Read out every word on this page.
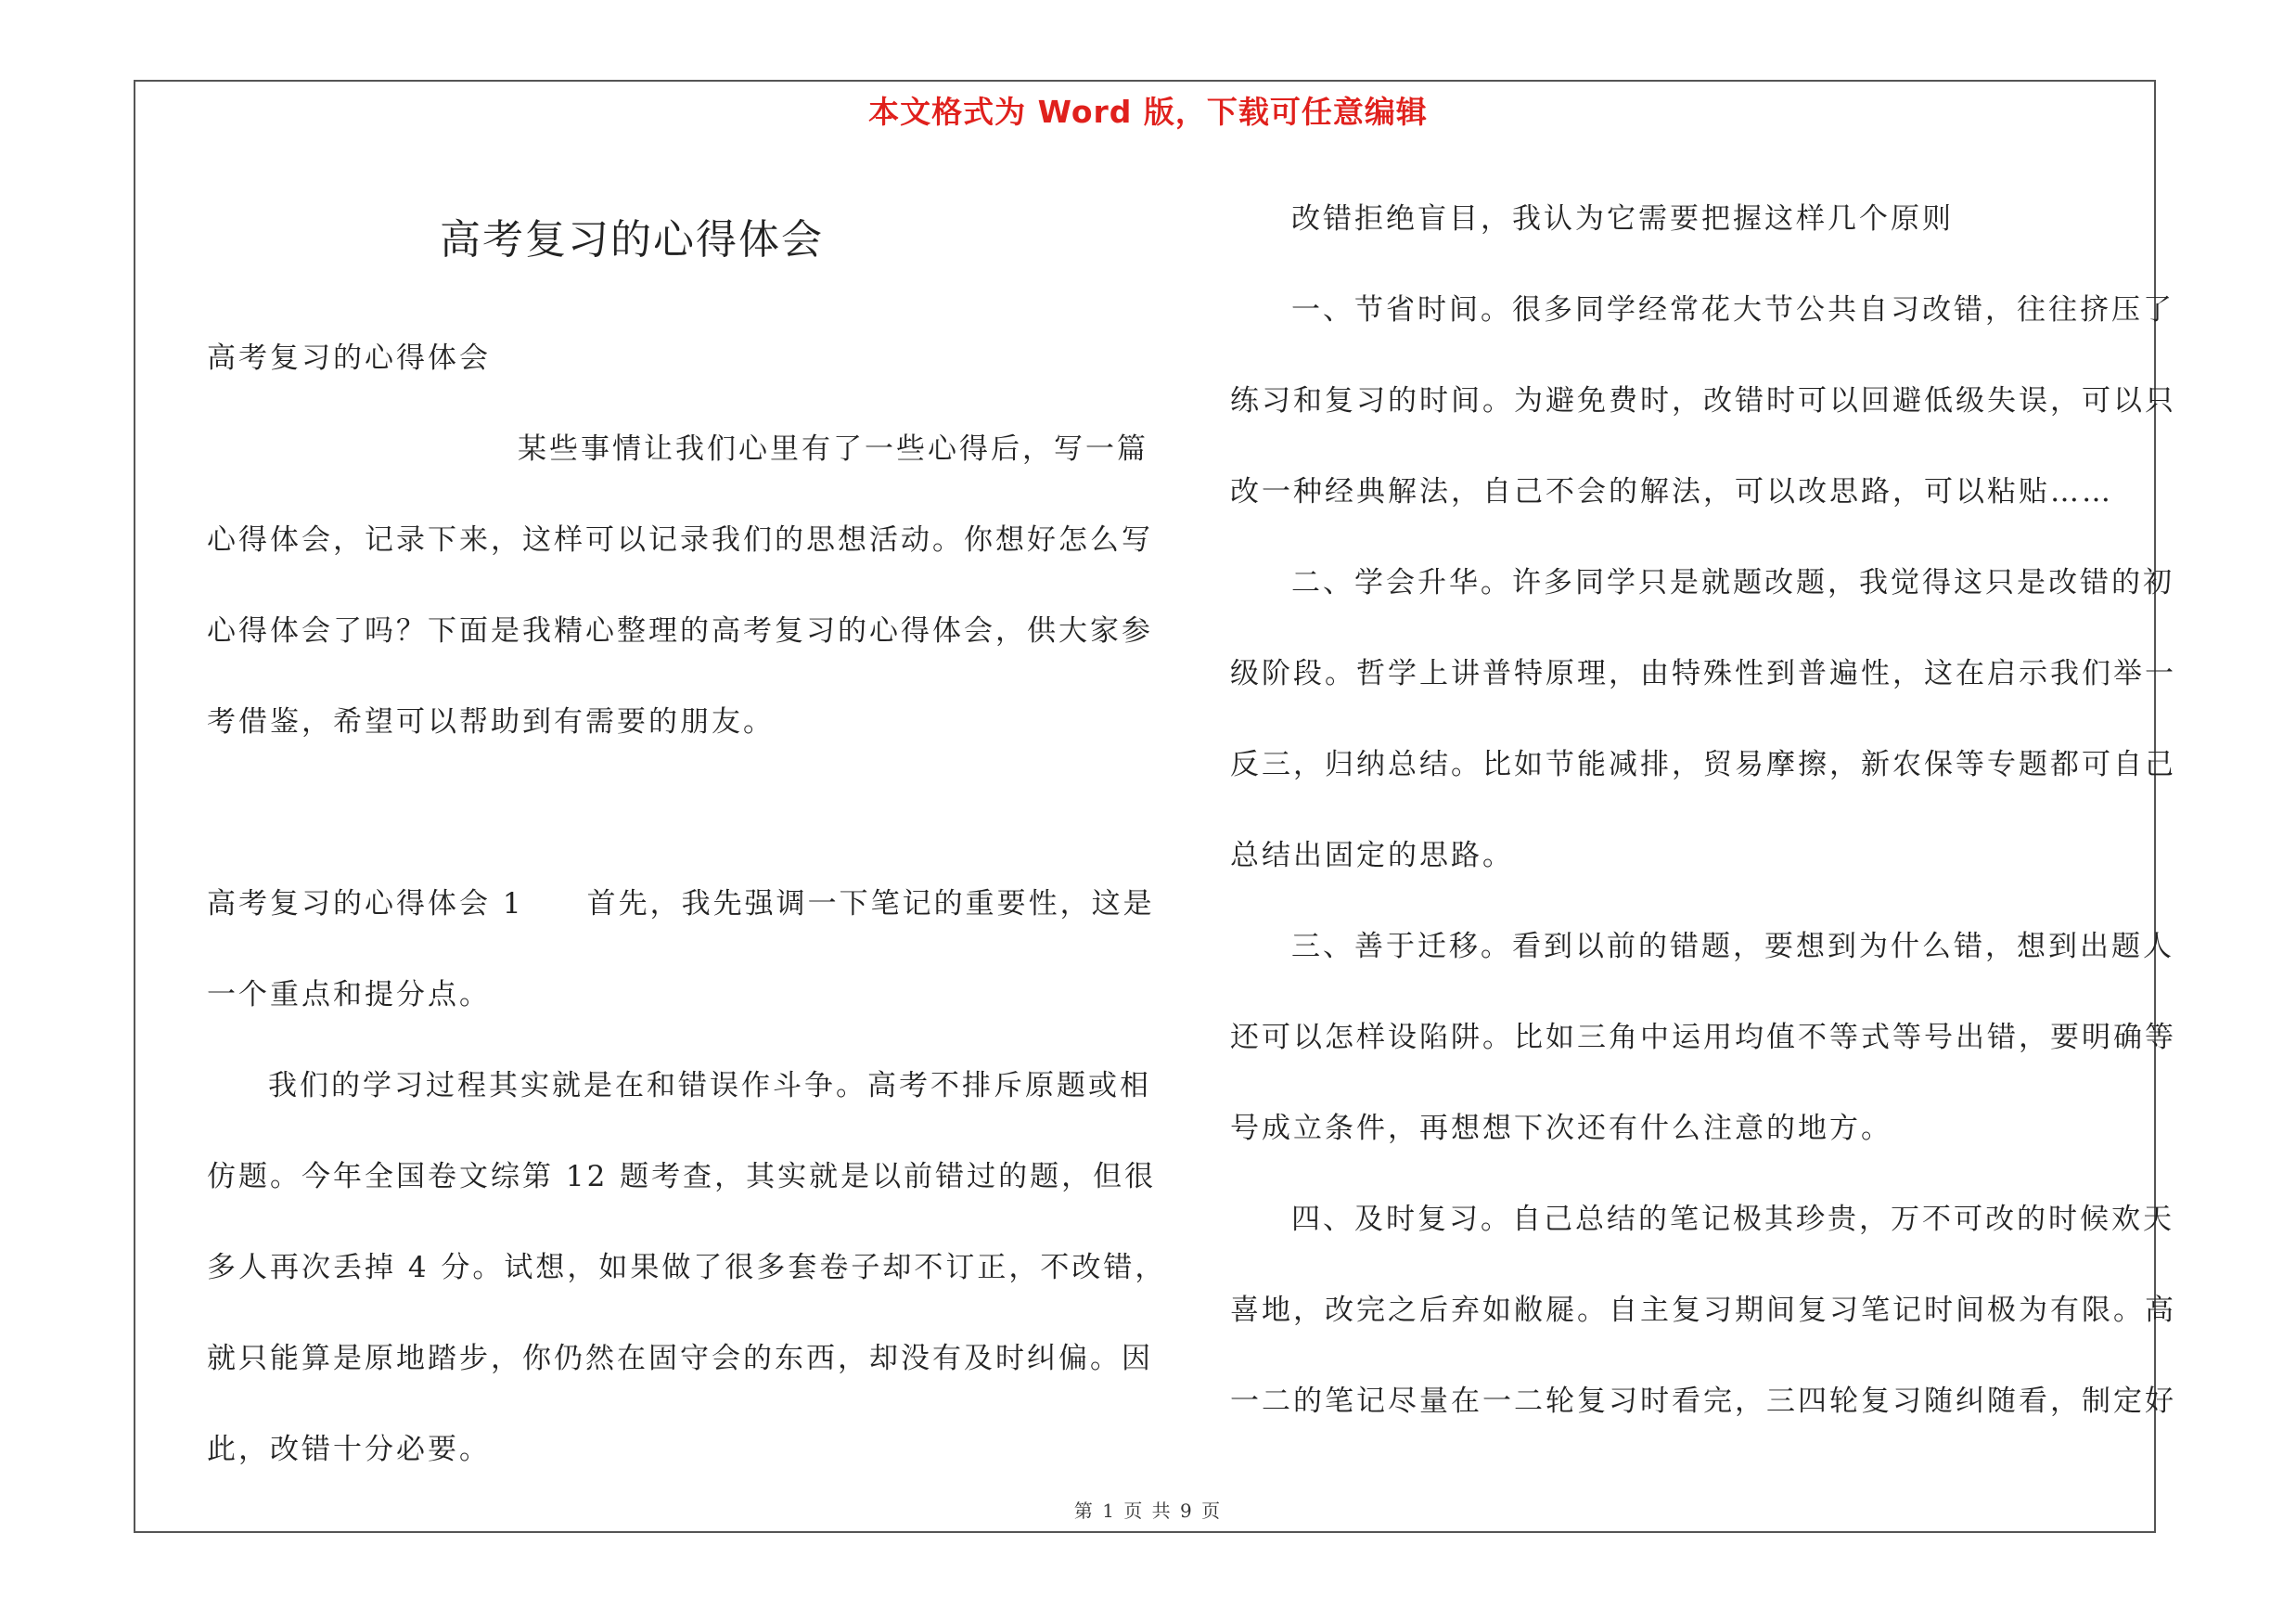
本文格式为 Word 版，下载可任意编辑
高考复习的心得体会
高考复习的心得体会
某些事情让我们心里有了一些心得后，写一篇
心得体会，记录下来，这样可以记录我们的思想活动。你想好怎么写
心得体会了吗？下面是我精心整理的高考复习的心得体会，供大家参
考借鉴，希望可以帮助到有需要的朋友。
高考复习的心得体会 1　　首先，我先强调一下笔记的重要性，这是
一个重点和提分点。
我们的学习过程其实就是在和错误作斗争。高考不排斥原题或相
仿题。今年全国卷文综第 12 题考查，其实就是以前错过的题，但很
多人再次丢掉 4 分。试想，如果做了很多套卷子却不订正，不改错，
就只能算是原地踏步，你仍然在固守会的东西，却没有及时纠偏。因
此，改错十分必要。
改错拒绝盲目，我认为它需要把握这样几个原则
一、节省时间。很多同学经常花大节公共自习改错，往往挤压了
练习和复习的时间。为避免费时，改错时可以回避低级失误，可以只
改一种经典解法，自己不会的解法，可以改思路，可以粘贴……
二、学会升华。许多同学只是就题改题，我觉得这只是改错的初
级阶段。哲学上讲普特原理，由特殊性到普遍性，这在启示我们举一
反三，归纳总结。比如节能减排，贸易摩擦，新农保等专题都可自己
总结出固定的思路。
三、善于迁移。看到以前的错题，要想到为什么错，想到出题人
还可以怎样设陷阱。比如三角中运用均值不等式等号出错，要明确等
号成立条件，再想想下次还有什么注意的地方。
四、及时复习。自己总结的笔记极其珍贵，万不可改的时候欢天
喜地，改完之后弃如敝屣。自主复习期间复习笔记时间极为有限。高
一二的笔记尽量在一二轮复习时看完，三四轮复习随纠随看，制定好
第 1 页 共 9 页
